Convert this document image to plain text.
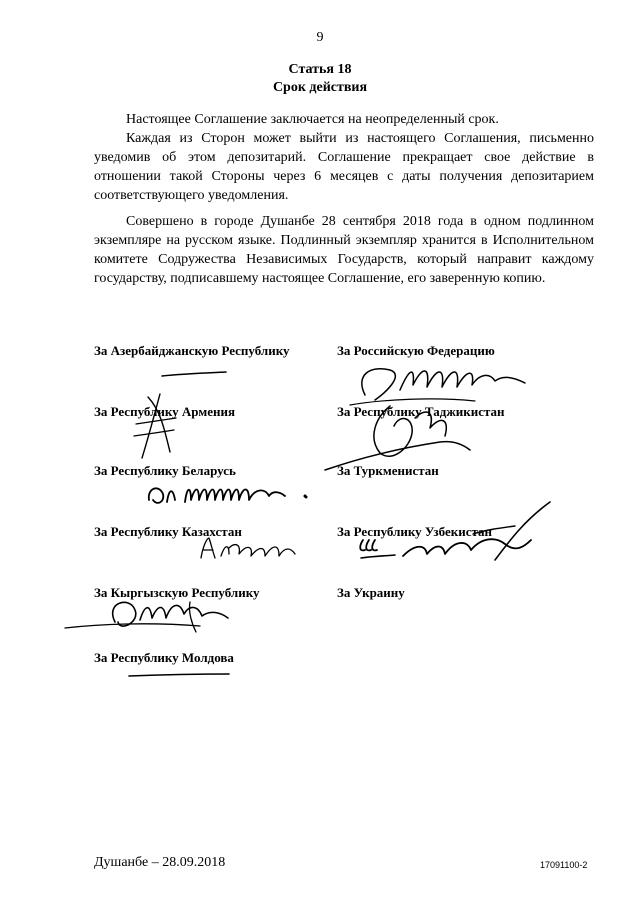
9
Статья 18
Срок действия

Настоящее Соглашение заключается на неопределенный срок.

Каждая из Сторон может выйти из настоящего Соглашения, письменно уведомив об этом депозитарий. Соглашение прекращает свое действие в отношении такой Стороны через 6 месяцев с даты получения депозитарием соответствующего уведомления.

Совершено в городе Душанбе 28 сентября 2018 года в одном подлинном экземпляре на русском языке. Подлинный экземпляр хранится в Исполнительном комитете Содружества Независимых Государств, который направит каждому государству, подписавшему настоящее Соглашение, его заверенную копию.

За Азербайджанскую Республику	За Российскую Федерацию
За Республику Армения	За Республику Таджикистан
За Республику Беларусь	За Туркменистан
За Республику Казахстан	За Республику Узбекистан
За Кыргызскую Республику	За Украину
За Республику Молдова
Душанбе – 28.09.2018	17091100-2
